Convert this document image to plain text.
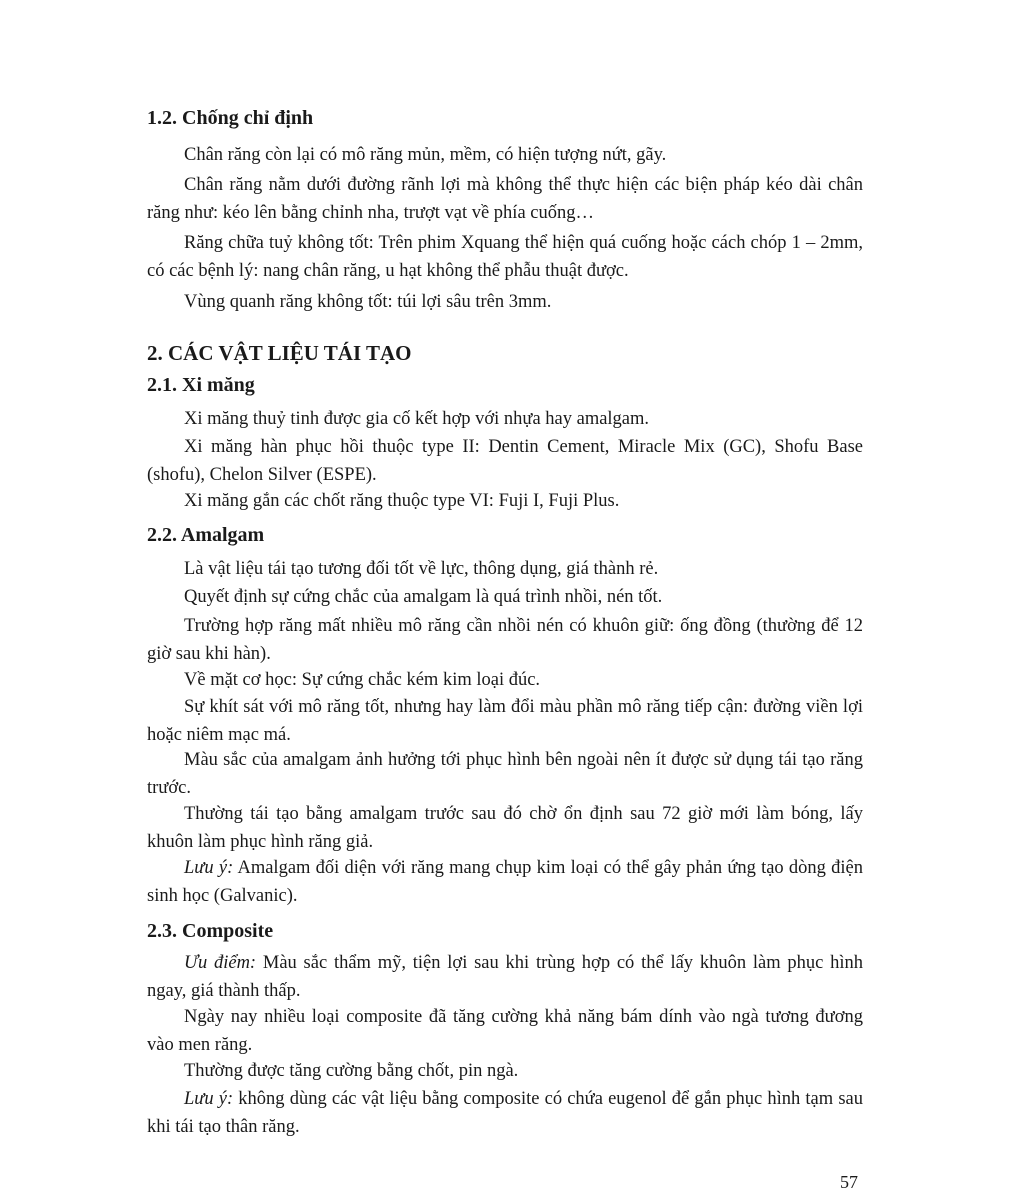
1.2. Chống chỉ định
Chân răng còn lại có mô răng mủn, mềm, có hiện tượng nứt, gãy.
Chân răng nằm dưới đường rãnh lợi mà không thể thực hiện các biện pháp kéo dài chân răng như: kéo lên bằng chỉnh nha, trượt vạt về phía cuống…
Răng chữa tuỷ không tốt: Trên phim Xquang thể hiện quá cuống hoặc cách chóp 1 – 2mm, có các bệnh lý: nang chân răng, u hạt không thể phẫu thuật được.
Vùng quanh răng không tốt: túi lợi sâu trên 3mm.
2. CÁC VẬT LIỆU TÁI TẠO
2.1. Xi măng
Xi măng thuỷ tinh được gia cố kết hợp với nhựa hay amalgam.
Xi măng hàn phục hồi thuộc type II: Dentin Cement, Miracle Mix (GC), Shofu Base (shofu), Chelon Silver (ESPE).
Xi măng gắn các chốt răng thuộc type VI: Fuji I, Fuji Plus.
2.2. Amalgam
Là vật liệu tái tạo tương đối tốt về lực, thông dụng, giá thành rẻ.
Quyết định sự cứng chắc của amalgam là quá trình nhồi, nén tốt.
Trường hợp răng mất nhiều mô răng cần nhồi nén có khuôn giữ: ống đồng (thường để 12 giờ sau khi hàn).
Về mặt cơ học: Sự cứng chắc kém kim loại đúc.
Sự khít sát với mô răng tốt, nhưng hay làm đổi màu phần mô răng tiếp cận: đường viền lợi hoặc niêm mạc má.
Màu sắc của amalgam ảnh hưởng tới phục hình bên ngoài nên ít được sử dụng tái tạo răng trước.
Thường tái tạo bằng amalgam trước sau đó chờ ổn định sau 72 giờ mới làm bóng, lấy khuôn làm phục hình răng giả.
Lưu ý: Amalgam đối diện với răng mang chụp kim loại có thể gây phản ứng tạo dòng điện sinh học (Galvanic).
2.3. Composite
Ưu điểm: Màu sắc thẩm mỹ, tiện lợi sau khi trùng hợp có thể lấy khuôn làm phục hình ngay, giá thành thấp.
Ngày nay nhiều loại composite đã tăng cường khả năng bám dính vào ngà tương đương vào men răng.
Thường được tăng cường bằng chốt, pin ngà.
Lưu ý: không dùng các vật liệu bằng composite có chứa eugenol để gắn phục hình tạm sau khi tái tạo thân răng.
57
